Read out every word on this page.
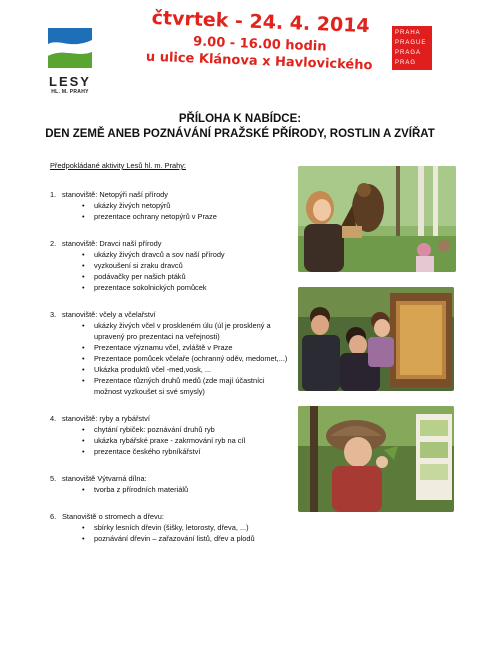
LESY
HL. M. PRAHY
čtvrtek - 24. 4. 2014
9.00 - 16.00 hodin
u ulice Klánova x Havlovického
PRAHA
PRAGUE
PRAGA
PRAG
PŘÍLOHA K NABÍDCE:
DEN ZEMĚ ANEB POZNÁVÁNÍ PRAŽSKÉ PŘÍRODY, ROSTLIN A ZVÍŘAT
Předpokládané aktivity Lesů hl. m. Prahy:
1. stanoviště: Netopýři naší přírody
• ukázky živých netopýrů
• prezentace ochrany netopýrů v Praze
2. stanoviště: Dravci naší přírody
• ukázky živých dravců a sov naší přírody
• vyzkoušení si zraku dravců
• podávačky per našich ptáků
• prezentace sokolnických pomůcek
3. stanoviště: včely a včelařství
• ukázky živých včel v proskleném úlu (úl je prosklený a upravený pro prezentaci na veřejnosti)
• Prezentace významu včel, zvláště v Praze
• Prezentace pomůcek včelaře (ochranný oděv, medomet,...)
• Ukázka produktů včel -med,vosk, ...
• Prezentace různých druhů medů (zde mají účastníci možnost vyzkoušet si své smysly)
4. stanoviště: ryby a rybářství
• chytání rybiček: poznávání druhů ryb
• ukázka rybářské praxe - zakrmování ryb na cíl
• prezentace českého rybníkářství
5. stanoviště Výtvarná dílna:
• tvorba z přírodních materiálů
6. Stanoviště o stromech a dřevu:
• sbírky lesních dřevin (šišky, letorosty, dřeva, ...)
• poznávání dřevin – zařazování listů, dřev a plodů
